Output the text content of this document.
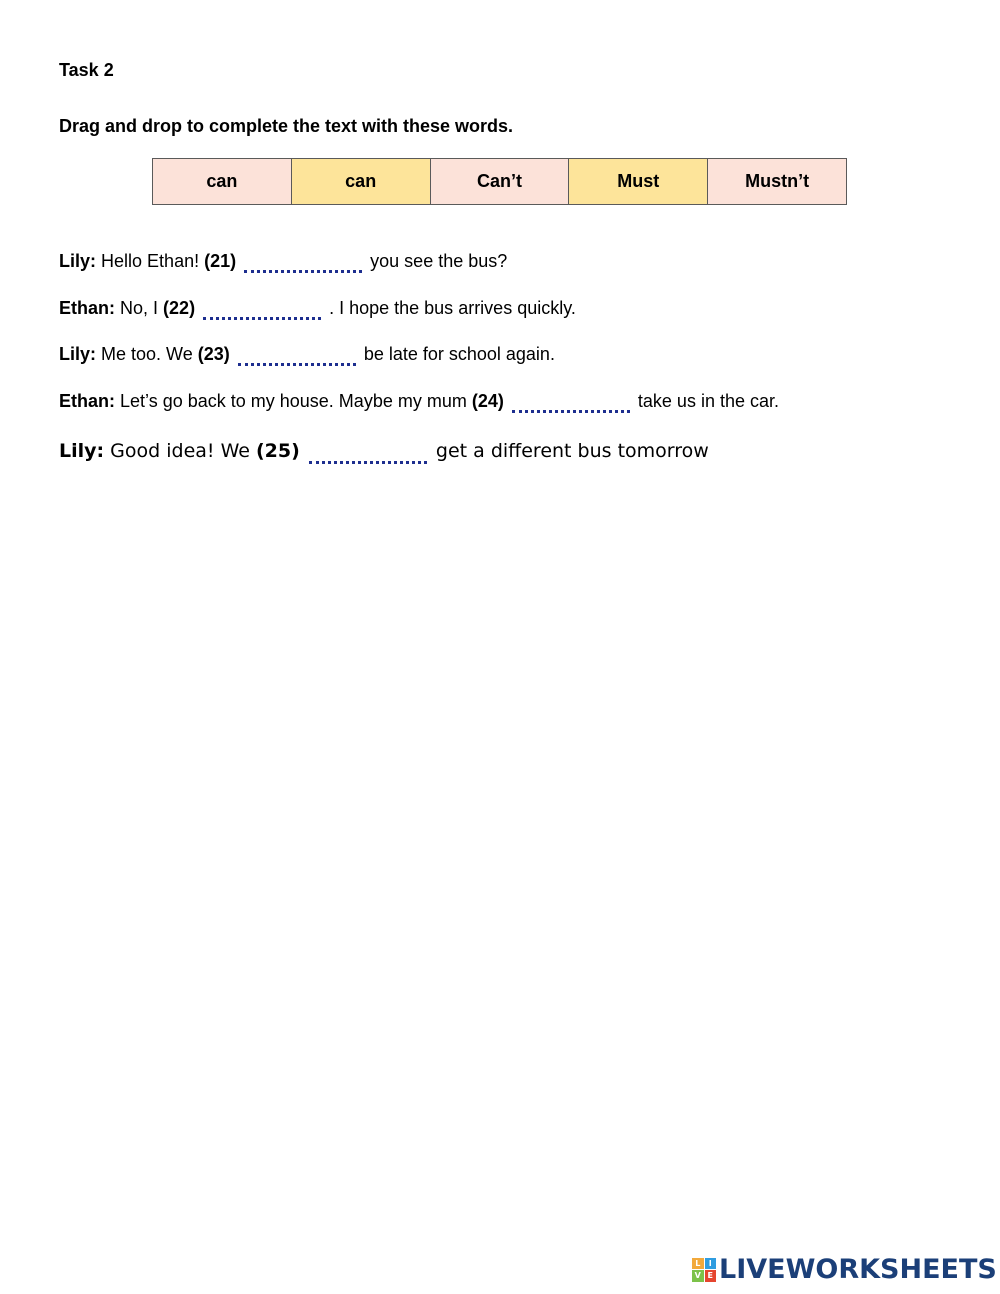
Task 2
Drag and drop to complete the text with these words.
can	can	Can’t	Must	Mustn’t
Lily: Hello Ethan! (21)	you see the bus?
Ethan: No, I (22)	. I hope the bus arrives quickly.
Lily: Me too. We (23)	be late for school again.
Ethan: Let’s go back to my house. Maybe my mum (24)	take us in the car.
Lily: Good idea! We (25)	get a different bus tomorrow
L	I
V E LIVEWORKSHEETS
